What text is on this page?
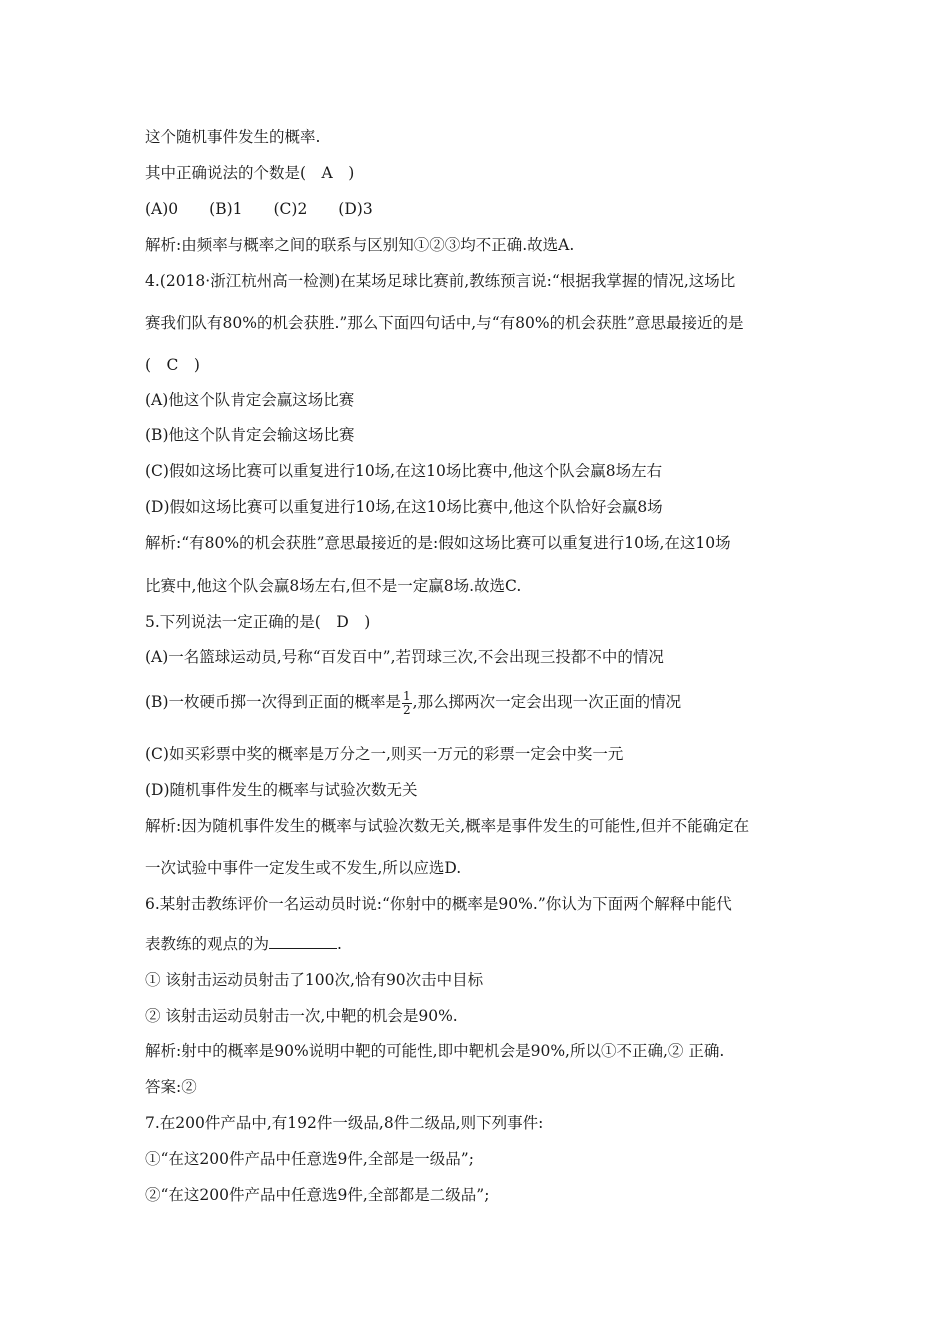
这个随机事件发生的概率.
其中正确说法的个数是(　A　)
(A)0　　(B)1　　(C)2　　(D)3
解析:由频率与概率之间的联系与区别知①②③均不正确.故选A.
4.(2018·浙江杭州高一检测)在某场足球比赛前,教练预言说:“根据我掌握的情况,这场比
赛我们队有80%的机会获胜.”那么下面四句话中,与“有80%的机会获胜”意思最接近的是
(　C　)
(A)他这个队肯定会赢这场比赛
(B)他这个队肯定会输这场比赛
(C)假如这场比赛可以重复进行10场,在这10场比赛中,他这个队会赢8场左右
(D)假如这场比赛可以重复进行10场,在这10场比赛中,他这个队恰好会赢8场
解析:“有80%的机会获胜”意思最接近的是:假如这场比赛可以重复进行10场,在这10场
比赛中,他这个队会赢8场左右,但不是一定赢8场.故选C.
5.下列说法一定正确的是(　D　)
(A)一名篮球运动员,号称“百发百中”,若罚球三次,不会出现三投都不中的情况
(B)一枚硬币掷一次得到正面的概率是 $\frac{1}{2}$ ,那么掷两次一定会出现一次正面的情况
(C)如买彩票中奖的概率是万分之一,则买一万元的彩票一定会中奖一元
(D)随机事件发生的概率与试验次数无关
解析:因为随机事件发生的概率与试验次数无关,概率是事件发生的可能性,但并不能确定在
一次试验中事件一定发生或不发生,所以应选D.
6.某射击教练评价一名运动员时说:“你射中的概率是90%.”你认为下面两个解释中能代
表教练的观点的为	.
① 该射击运动员射击了100次,恰有90次击中目标
② 该射击运动员射击一次,中靶的机会是90%.
解析:射中的概率是90%说明中靶的可能性,即中靶机会是90%,所以①不正确,② 正确.
答案:②
7.在200件产品中,有192件一级品,8件二级品,则下列事件:
①“在这200件产品中任意选9件,全部是一级品”;
②“在这200件产品中任意选9件,全部都是二级品”;
